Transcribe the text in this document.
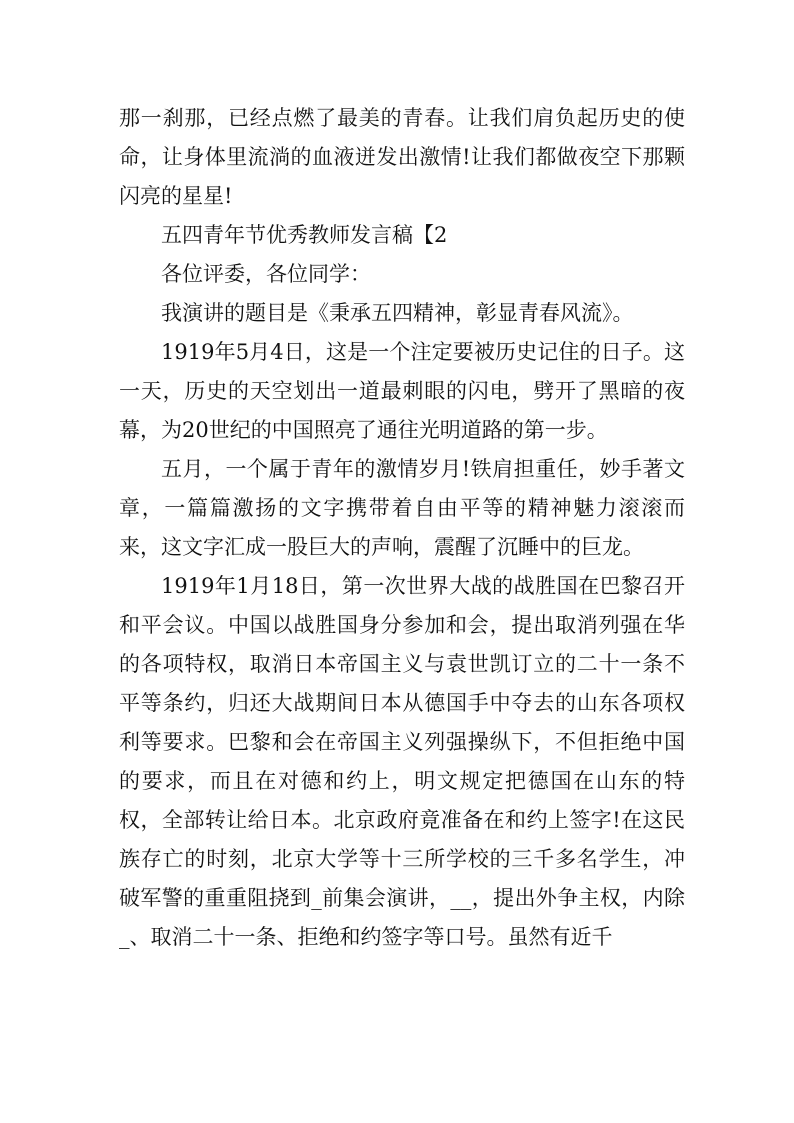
那一刹那，已经点燃了最美的青春。让我们肩负起历史的使命，让身体里流淌的血液迸发出激情!让我们都做夜空下那颗闪亮的星星!

五四青年节优秀教师发言稿【2

各位评委，各位同学：

我演讲的题目是《秉承五四精神，彰显青春风流》。

1919年5月4日，这是一个注定要被历史记住的日子。这一天，历史的天空划出一道最刺眼的闪电，劈开了黑暗的夜幕，为20世纪的中国照亮了通往光明道路的第一步。

五月，一个属于青年的激情岁月!铁肩担重任，妙手著文章，一篇篇激扬的文字携带着自由平等的精神魅力滚滚而来，这文字汇成一股巨大的声响，震醒了沉睡中的巨龙。

1919年1月18日，第一次世界大战的战胜国在巴黎召开和平会议。中国以战胜国身分参加和会，提出取消列强在华的各项特权，取消日本帝国主义与袁世凯订立的二十一条不平等条约，归还大战期间日本从德国手中夺去的山东各项权利等要求。巴黎和会在帝国主义列强操纵下，不但拒绝中国的要求，而且在对德和约上，明文规定把德国在山东的特权，全部转让给日本。北京政府竟准备在和约上签字!在这民族存亡的时刻，北京大学等十三所学校的三千多名学生，冲破军警的重重阻挠到_前集会演讲，__，提出外争主权，内除_、取消二十一条、拒绝和约签字等口号。虽然有近千
